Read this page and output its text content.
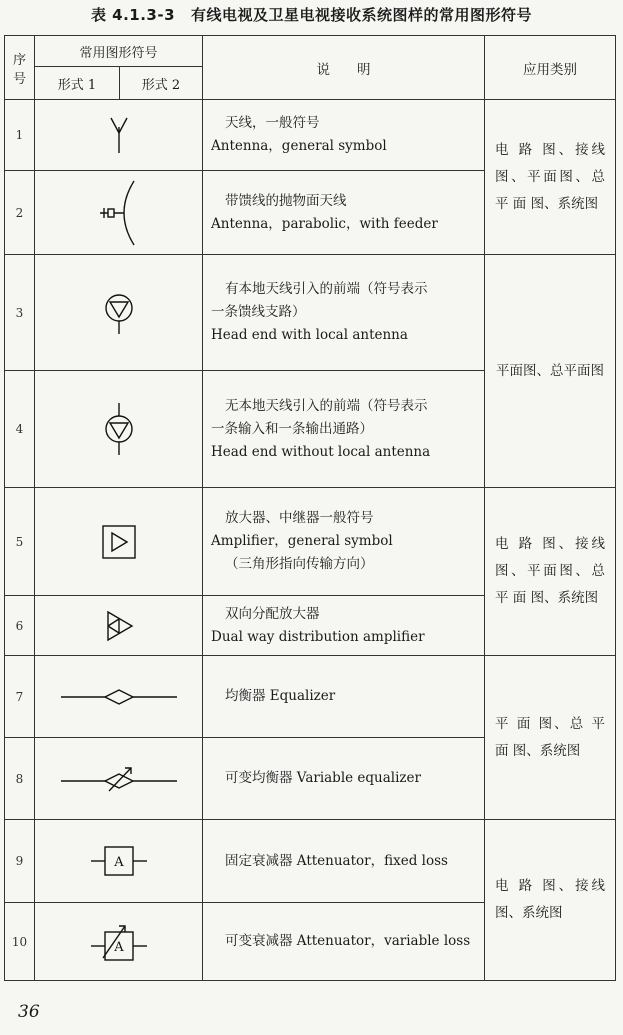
表 4.1.3-3 有线电视及卫星电视接收系统图样的常用图形符号
序
号	常用图形符号		说　　明	应用类别
	形式 1	形式 2		
1			天线，一般符号
Antenna，general symbol	电 路 图、接线图、平面图、总 平 面 图、系统图
2			带馈线的抛物面天线
Antenna，parabolic，with feeder	

3			有本地天线引入的前端（符号表示
一条馈线支路）
Head end with local antenna	平面图、总平面图
4			无本地天线引入的前端（符号表示
一条输入和一条输出通路）
Head end without local antenna	

5			放大器、中继器一般符号
Amplifier，general symbol
（三角形指向传输方向）	电 路 图、接线图、平面图、总 平 面 图、系统图
6			双向分配放大器
Dual way distribution amplifier	

7			均衡器 Equalizer	平 面 图、总 平 面 图、系统图
8			可变均衡器 Variable equalizer	

9	A		固定衰减器 Attenuator，fixed loss	电 路 图、接线图、系统图
10	A		可变衰减器 Attenuator，variable loss	
36
